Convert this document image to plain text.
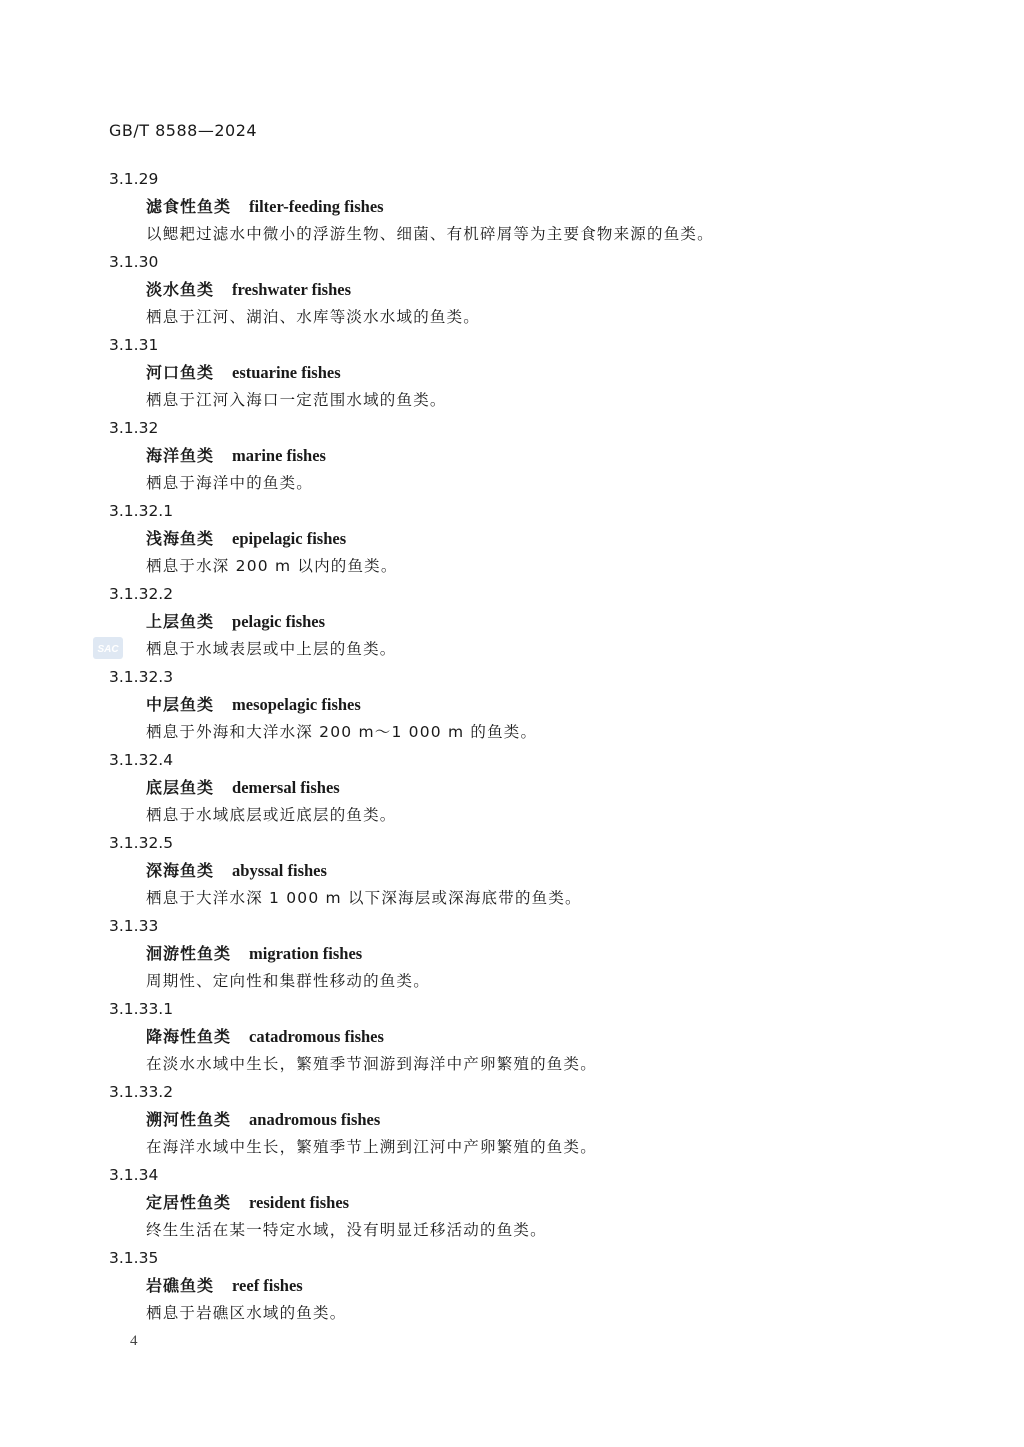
GB/T 8588—2024
SAC
3.1.29
滤食性鱼类 filter-feeding fishes
以鳃耙过滤水中微小的浮游生物、细菌、有机碎屑等为主要食物来源的鱼类。
3.1.30
淡水鱼类 freshwater fishes
栖息于江河、湖泊、水库等淡水水域的鱼类。
3.1.31
河口鱼类 estuarine fishes
栖息于江河入海口一定范围水域的鱼类。
3.1.32
海洋鱼类 marine fishes
栖息于海洋中的鱼类。
3.1.32.1
浅海鱼类 epipelagic fishes
栖息于水深 200 m 以内的鱼类。
3.1.32.2
上层鱼类 pelagic fishes
栖息于水域表层或中上层的鱼类。
3.1.32.3
中层鱼类 mesopelagic fishes
栖息于外海和大洋水深 200 m～1 000 m 的鱼类。
3.1.32.4
底层鱼类 demersal fishes
栖息于水域底层或近底层的鱼类。
3.1.32.5
深海鱼类 abyssal fishes
栖息于大洋水深 1 000 m 以下深海层或深海底带的鱼类。
3.1.33
洄游性鱼类 migration fishes
周期性、定向性和集群性移动的鱼类。
3.1.33.1
降海性鱼类 catadromous fishes
在淡水水域中生长，繁殖季节洄游到海洋中产卵繁殖的鱼类。
3.1.33.2
溯河性鱼类 anadromous fishes
在海洋水域中生长，繁殖季节上溯到江河中产卵繁殖的鱼类。
3.1.34
定居性鱼类 resident fishes
终生生活在某一特定水域，没有明显迁移活动的鱼类。
3.1.35
岩礁鱼类 reef fishes
栖息于岩礁区水域的鱼类。
4
